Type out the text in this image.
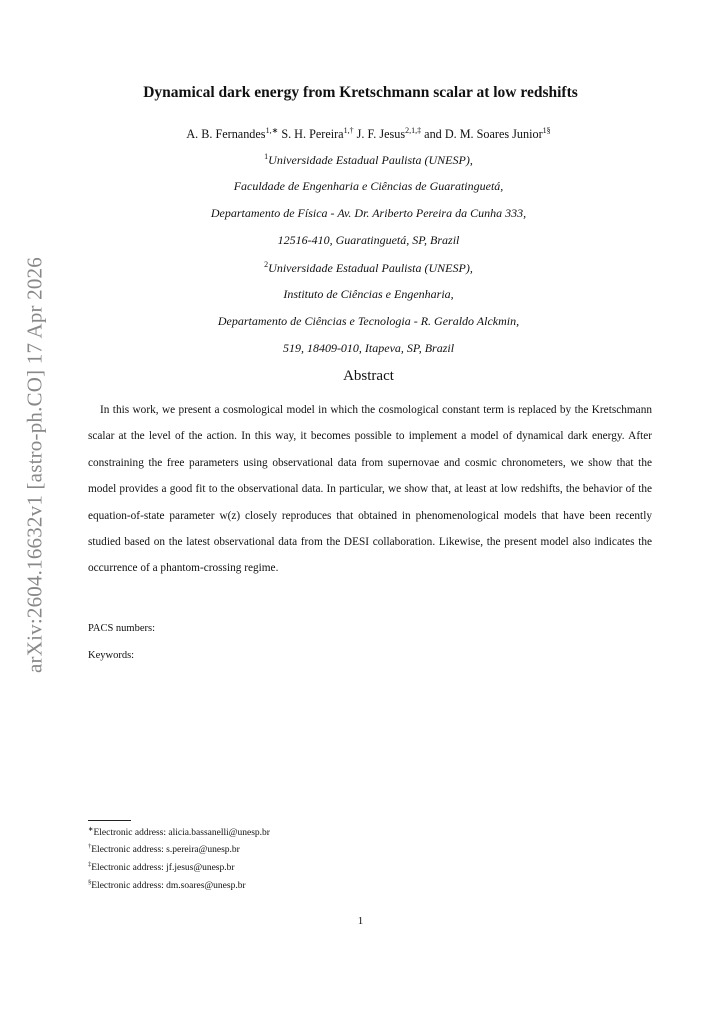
arXiv:2604.16632v1 [astro-ph.CO] 17 Apr 2026
Dynamical dark energy from Kretschmann scalar at low redshifts
A. B. Fernandes$^{1,∗}$ S. H. Pereira$^{1,\dagger}$ J. F. Jesus$^{2,1,\ddagger}$ and D. M. Soares Junior$^{1\S}$
$^1$Universidade Estadual Paulista (UNESP),
Faculdade de Engenharia e Ciências de Guaratinguetá,
Departamento de Física - Av. Dr. Ariberto Pereira da Cunha 333,
12516-410, Guaratinguetá, SP, Brazil
$^2$Universidade Estadual Paulista (UNESP),
Instituto de Ciências e Engenharia,
Departamento de Ciências e Tecnologia - R. Geraldo Alckmin,
519, 18409-010, Itapeva, SP, Brazil
Abstract
In this work, we present a cosmological model in which the cosmological constant term is replaced by the Kretschmann scalar at the level of the action. In this way, it becomes possible to implement a model of dynamical dark energy. After constraining the free parameters using observational data from supernovae and cosmic chronometers, we show that the model provides a good fit to the observational data. In particular, we show that, at least at low redshifts, the behavior of the equation-of-state parameter w(z) closely reproduces that obtained in phenomenological models that have been recently studied based on the latest observational data from the DESI collaboration. Likewise, the present model also indicates the occurrence of a phantom-crossing regime.
PACS numbers:
Keywords:
∗Electronic address: alicia.bassanelli@unesp.br
†Electronic address: s.pereira@unesp.br
‡Electronic address: jf.jesus@unesp.br
§Electronic address: dm.soares@unesp.br
1
